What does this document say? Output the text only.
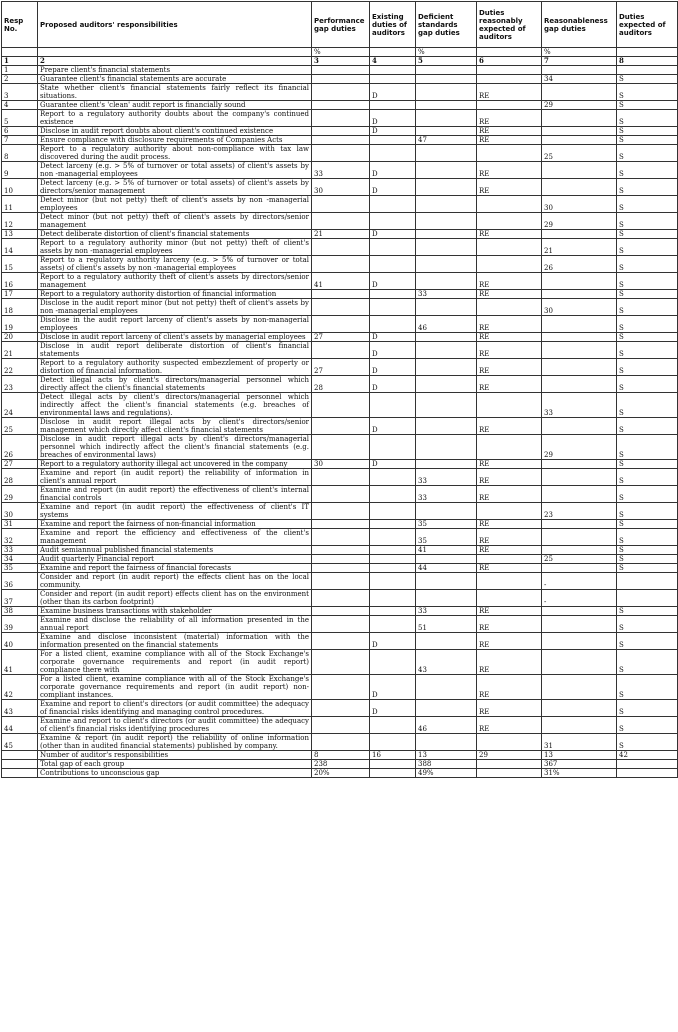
Resp No.	Proposed auditors' responsibilities	Performance gap duties	Existing duties of auditors	Deficient standards gap duties	Duties reasonably expected of auditors	Reasonableness gap duties	Duties expected of auditors
		%		%		%	
1	2	3	4	5	6	7	8
1	Prepare client's financial statements						
2	Guarantee client's financial statements are accurate					34	S
3	State whether client's financial statements fairly reflect its financial situations.		D		RE		S
4	Guarantee client's 'clean' audit report is financially sound					29	S
5	Report to a regulatory authority doubts about the company's continued existence		D		RE		S
6	Disclose in audit report doubts about client's continued existence		D		RE		S
7	Ensure compliance with disclosure requirements of Companies Acts			47	RE		S
8	Report to a regulatory authority about non-compliance with tax law discovered during the audit process.					25	S
9	Detect larceny (e.g. > 5% of turnover or total assets) of client's assets by non -managerial employees	33	D		RE		S
10	Detect larceny (e.g. > 5% of turnover or total assets) of client's assets by directors/senior management	30	D		RE		S
11	Detect minor (but not petty) theft of client's assets by non -managerial employees					30	S
12	Detect minor (but not petty) theft of client's assets by directors/senior management					29	S
13	Detect deliberate distortion of client's financial statements	21	D		RE		S
14	Report to a regulatory authority minor (but not petty) theft of client's assets by non -managerial employees					21	S
15	Report to a regulatory authority larceny (e.g. > 5% of turnover or total assets) of client's assets by non -managerial employees					26	S
16	Report to a regulatory authority theft of client's assets by directors/senior management	41	D		RE		S
17	Report to a regulatory authority distortion of financial information			33	RE		S
18	Disclose in the audit report minor (but not petty) theft of client's assets by non -managerial employees					30	S
19	Disclose in the audit report larceny of client's assets by non-managerial employees			46	RE		S
20	Disclose in audit report larceny of client's assets by managerial employees	27	D		RE		S
21	Disclose in audit report deliberate distortion of client's financial statements		D		RE		S
22	Report to a regulatory authority suspected embezzlement of property or distortion of financial information.	27	D		RE		S
23	Detect illegal acts by client's directors/managerial personnel which directly affect the client's financial statements	28	D		RE		S
24	Detect illegal acts by client's directors/managerial personnel which indirectly affect the client's financial statements (e.g. breaches of environmental laws and regulations).					33	S
25	Disclose in audit report illegal acts by client's directors/senior management which directly affect client's financial statements		D		RE		S
26	Disclose in audit report illegal acts by client's directors/managerial personnel which indirectly affect the client's financial statements (e.g. breaches of environmental laws)					29	S
27	Report to a regulatory authority illegal act uncovered in the company	30	D		RE		S
28	Examine and report (in audit report) the reliability of information in client's annual report			33	RE		S
29	Examine and report (in audit report) the effectiveness of client's internal financial controls			33	RE		S
30	Examine and report (in audit report) the effectiveness of client's IT systems					23	S
31	Examine and report the fairness of non-financial information			35	RE		S
32	Examine and report the efficiency and effectiveness of the client's management			35	RE		S
33	Audit semiannual published financial statements			41	RE		S
34	Audit quarterly Financial report					25	S
35	Examine and report the fairness of financial forecasts			44	RE		S
36	Consider and report (in audit report) the effects client has on the local community.					-	
37	Consider and report (in audit report) effects client has on the environment (other than its carbon footprint)					-	
38	Examine business transactions with stakeholder			33	RE		S
39	Examine and disclose the reliability of all information presented in the annual report			51	RE		S
40	Examine and disclose inconsistent (material) information with the information presented on the financial statements		D		RE		S
41	For a listed client, examine compliance with all of the Stock Exchange's corporate governance requirements and report (in audit report) compliance there with			43	RE		S
42	For a listed client, examine compliance with all of the Stock Exchange's corporate governance requirements and report (in audit report) non-compliant instances.		D		RE		S
43	Examine and report to client's directors (or audit committee) the adequacy of financial risks identifying and managing control procedures.		D		RE		S
44	Examine and report to client's directors (or audit committee) the adequacy of client's financial risks identifying procedures			46	RE		S
45	Examine & report (in audit report) the reliability of online information (other than in audited financial statements) published by company.					31	S
	Number of auditor's responsibilities	8	16	13	29	13	42
	Total gap of each group	238		388		367	
	Contributions to unconscious gap	20%		49%		31%	
